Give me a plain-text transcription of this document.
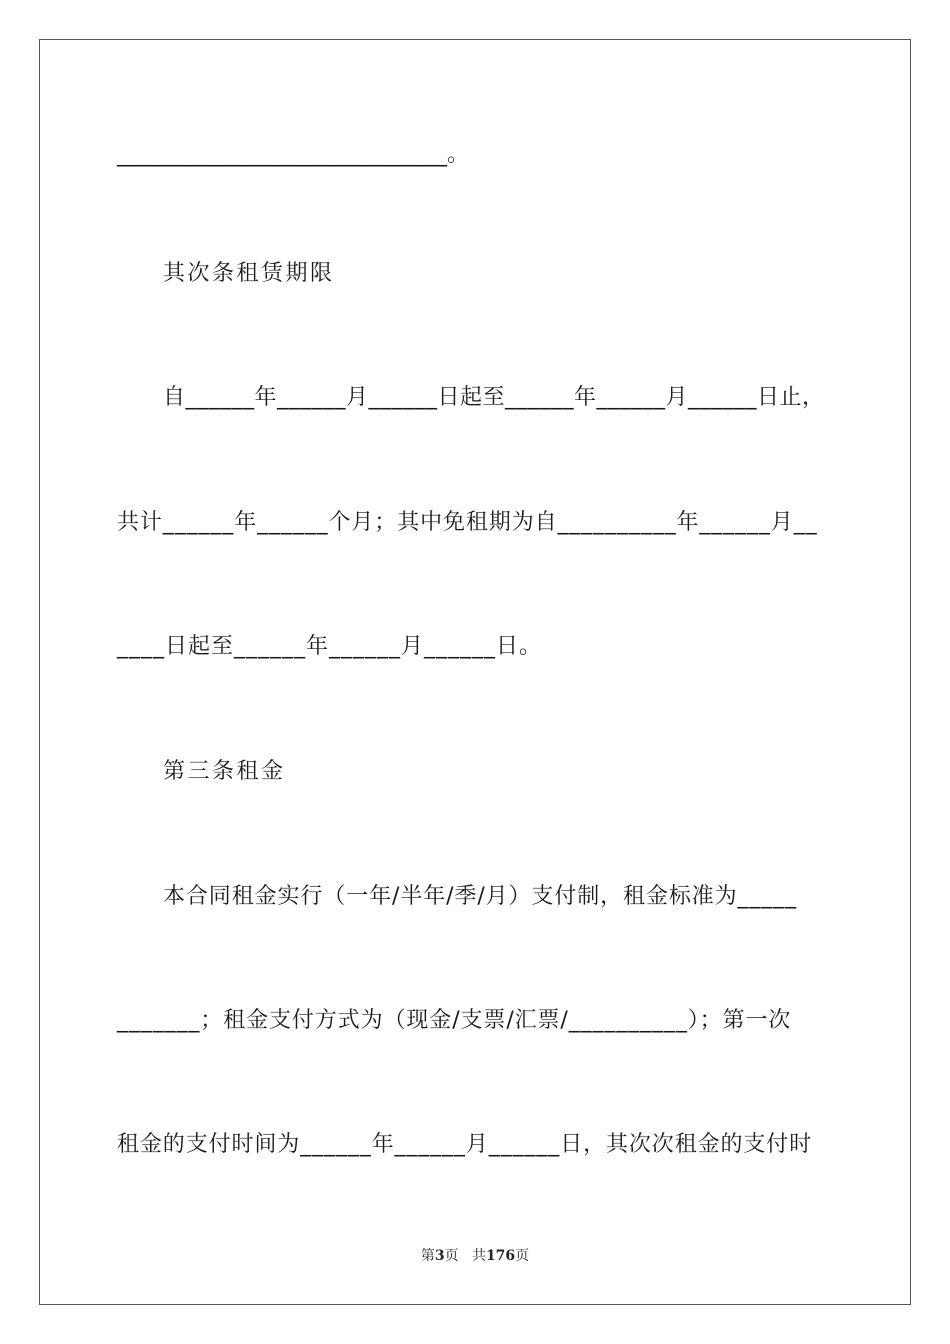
______________________________。
其次条租赁期限
自______年______月______日起至______年______月______日止，
共计______年______个月；其中免租期为自__________年______月__
____日起至______年______月______日。
第三条租金
本合同租金实行（一年/半年/季/月）支付制，租金标准为_____
_______；租金支付方式为（现金/支票/汇票/__________）；第一次
租金的支付时间为______年______月______日，其次次租金的支付时
第3页 共176页
